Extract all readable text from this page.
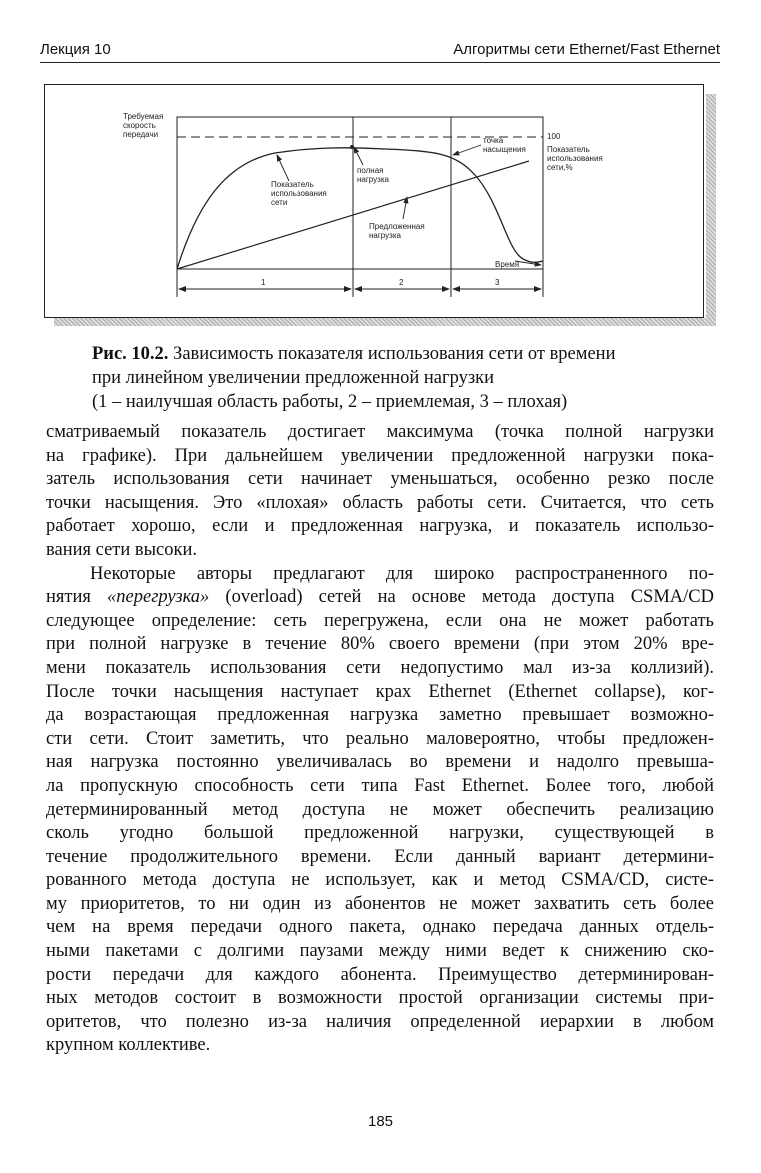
Лекция 10	Алгоритмы сети Ethernet/Fast Ethernet
Требуемая
скорость
передачи
Показатель
использования
сети
полная
нагрузка
точка
насыщения
Предложенная
нагрузка
100
Показатель
использования
сети,%
Время
1	2	3
Рис. 10.2. Зависимость показателя использования сети от времени
при линейном увеличении предложенной нагрузки
(1 – наилучшая область работы, 2 – приемлемая, 3 – плохая)

сматриваемый показатель достигает максимума (точка полной нагрузки
на графике). При дальнейшем увеличении предложенной нагрузки пока-
затель использования сети начинает уменьшаться, особенно резко после
точки насыщения. Это «плохая» область работы сети. Считается, что сеть
работает хорошо, если и предложенная нагрузка, и показатель использо-
вания сети высоки.

Некоторые авторы предлагают для широко распространенного по-
нятия «перегрузка» (overload) сетей на основе метода доступа CSMA/CD
следующее определение: сеть перегружена, если она не может работать
при полной нагрузке в течение 80% своего времени (при этом 20% вре-
мени показатель использования сети недопустимо мал из-за коллизий).
После точки насыщения наступает крах Ethernet (Ethernet collapse), ког-
да возрастающая предложенная нагрузка заметно превышает возможно-
сти сети. Стоит заметить, что реально маловероятно, чтобы предложен-
ная нагрузка постоянно увеличивалась во времени и надолго превыша-
ла пропускную способность сети типа Fast Ethernet. Более того, любой
детерминированный метод доступа не может обеспечить реализацию
сколь угодно большой предложенной нагрузки, существующей в
течение продолжительного времени. Если данный вариант детермини-
рованного метода доступа не использует, как и метод CSMA/CD, систе-
му приоритетов, то ни один из абонентов не может захватить сеть более
чем на время передачи одного пакета, однако передача данных отдель-
ными пакетами с долгими паузами между ними ведет к снижению ско-
рости передачи для каждого абонента. Преимущество детерминирован-
ных методов состоит в возможности простой организации системы при-
оритетов, что полезно из-за наличия определенной иерархии в любом
крупном коллективе.

185
